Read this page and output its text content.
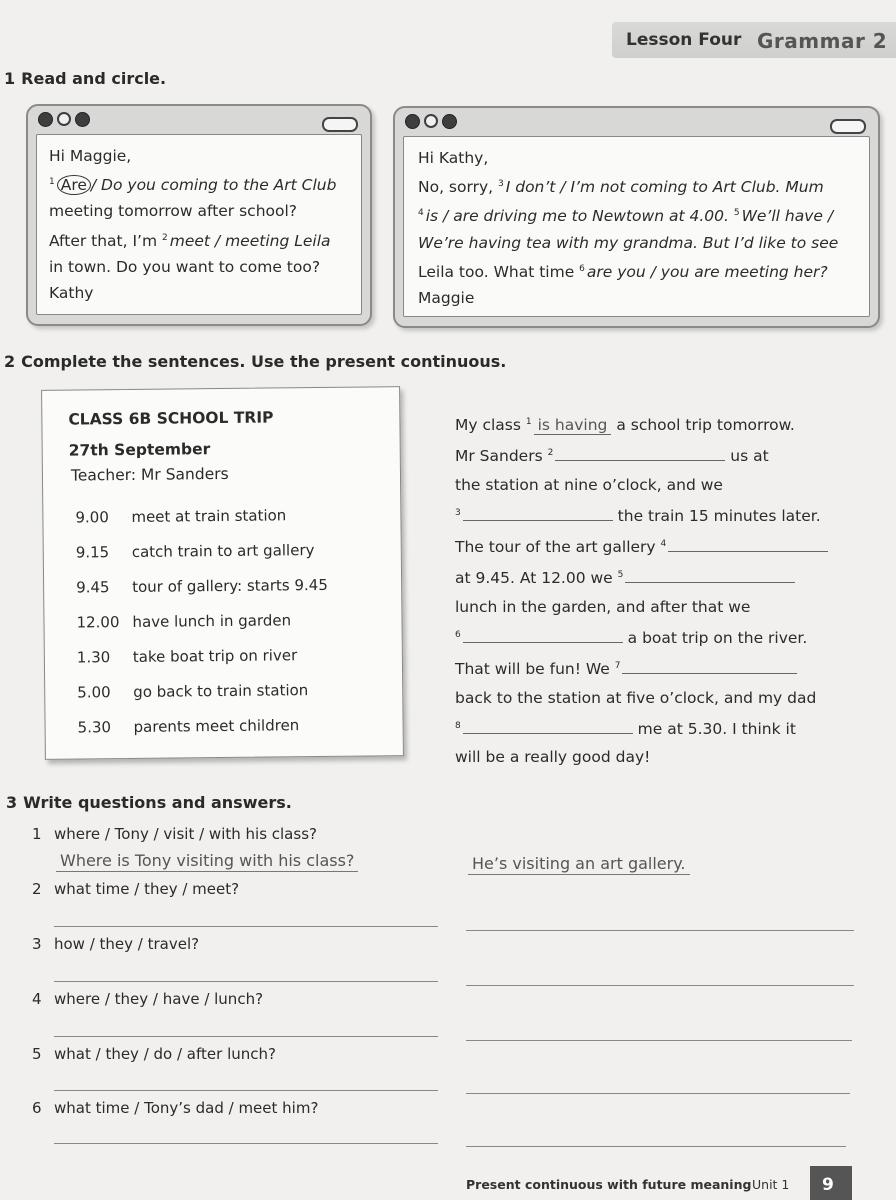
Lesson Four Grammar 2
1 Read and circle.

Hi Maggie,

$^1$ Are / Do you coming to the Art Club

meeting tomorrow after school?

After that, I’m $^2$ meet / meeting Leila

in town. Do you want to come too?

Kathy

Hi Kathy,

No, sorry, $^3$ I don’t / I’m not coming to Art Club. Mum

$^4$ is / are driving me to Newtown at 4.00. $^5$ We’ll have /

We’re having tea with my grandma. But I’d like to see

Leila too. What time $^6$ are you / you are meeting her?

Maggie

2 Complete the sentences. Use the present continuous.
CLASS 6B SCHOOL TRIP
27th September
Teacher: Mr Sanders
9.00 meet at train station
9.15 catch train to art gallery
9.45 tour of gallery: starts 9.45
12.00 have lunch in garden
1.30 take boat trip on river
5.00 go back to train station
5.30 parents meet children

My class $^1$ is having a school trip tomorrow.

Mr Sanders $^2$	us at

the station at nine o’clock, and we

$^3$	the train 15 minutes later.

The tour of the art gallery $^4$

at 9.45. At 12.00 we $^5$

lunch in the garden, and after that we

$^6$	a boat trip on the river.

That will be fun! We $^7$

back to the station at five o’clock, and my dad

$^8$	me at 5.30. I think it

will be a really good day!

3 Write questions and answers.
1 where / Tony / visit / with his class?
Where is Tony visiting with his class?	He’s visiting an art gallery.
2 what time / they / meet?
3 how / they / travel?
4 where / they / have / lunch?
5 what / they / do / after lunch?
6 what time / Tony’s dad / meet him?
Present continuous with future meaning Unit 1 9
